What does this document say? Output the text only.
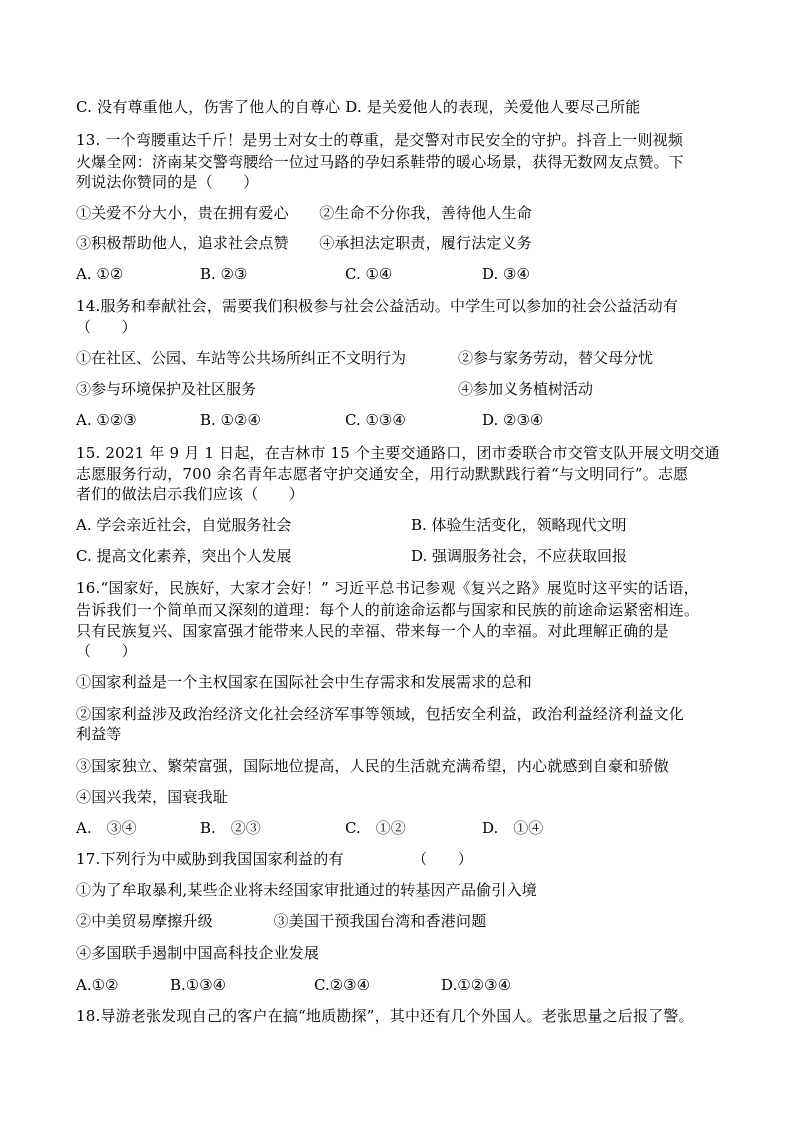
C. 没有尊重他人，伤害了他人的自尊心 D. 是关爱他人的表现，关爱他人要尽己所能
13. 一个弯腰重达千斤！是男士对女士的尊重，是交警对市民安全的守护。抖音上一则视频
火爆全网：济南某交警弯腰给一位过马路的孕妇系鞋带的暖心场景，获得无数网友点赞。下
列说法你赞同的是（　　）
①关爱不分大小，贵在拥有爱心　　②生命不分你我，善待他人生命
③积极帮助他人，追求社会点赞　　④承担法定职责，履行法定义务
A. ①②	B. ②③	C. ①④	D. ③④
14.服务和奉献社会，需要我们积极参与社会公益活动。中学生可以参加的社会公益活动有
（　　）
①在社区、公园、车站等公共场所纠正不文明行为	②参与家务劳动，替父母分忧
③参与环境保护及社区服务	④参加义务植树活动
A. ①②③	B. ①②④	C. ①③④	D. ②③④
15. 2021 年 9 月 1 日起，在吉林市 15 个主要交通路口，团市委联合市交管支队开展文明交通
志愿服务行动，700 余名青年志愿者守护交通安全，用行动默默践行着“与文明同行”。志愿
者们的做法启示我们应该（　　）
A. 学会亲近社会，自觉服务社会	B. 体验生活变化，领略现代文明
C. 提高文化素养，突出个人发展	D. 强调服务社会，不应获取回报
16.“国家好，民族好，大家才会好！” 习近平总书记参观《复兴之路》展览时这平实的话语，
告诉我们一个简单而又深刻的道理：每个人的前途命运都与国家和民族的前途命运紧密相连。
只有民族复兴、国家富强才能带来人民的幸福、带来每一个人的幸福。对此理解正确的是
（　　）
①国家利益是一个主权国家在国际社会中生存需求和发展需求的总和
②国家利益涉及政治经济文化社会经济军事等领域，包括安全利益，政治利益经济利益文化
利益等
③国家独立、繁荣富强，国际地位提高，人民的生活就充满希望，内心就感到自豪和骄傲
④国兴我荣，国衰我耻
A.　③④	B.　②③	C.　①②	D.　①④
17.下列行为中威胁到我国国家利益的有　　　　　（　　）
①为了牟取暴利,某些企业将未经国家审批通过的转基因产品偷引入境
②中美贸易摩擦升级　　　　③美国干预我国台湾和香港问题
④多国联手遏制中国高科技企业发展
A.①②	B.①③④	C.②③④	D.①②③④
18.导游老张发现自己的客户在搞“地质勘探”，其中还有几个外国人。老张思量之后报了警。
